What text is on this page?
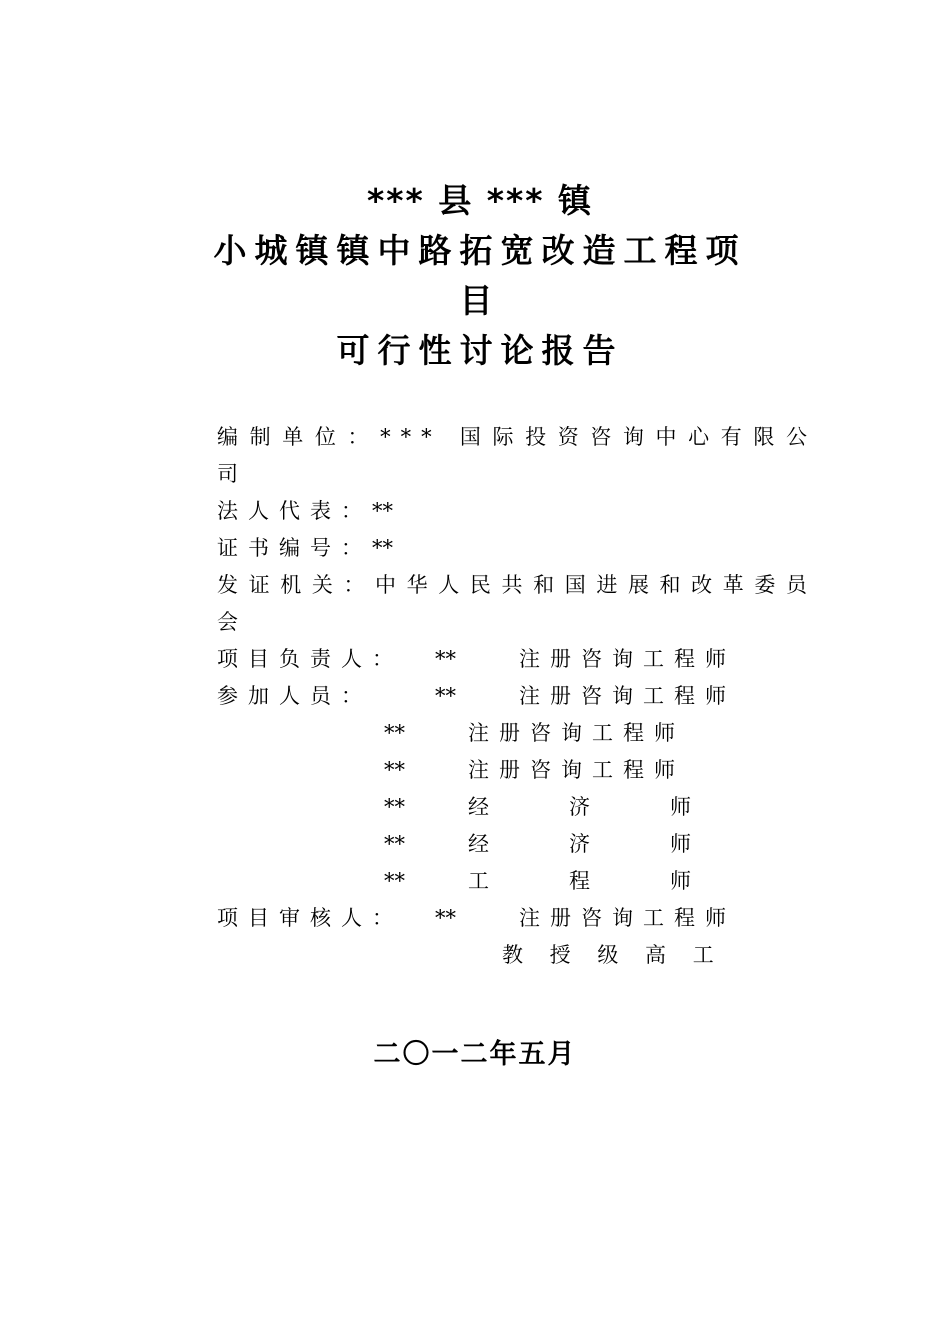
*** 县 *** 镇
小城镇镇中路拓宽改造工程项
目
可行性讨论报告
编制单位：*** 国际投资咨询中心有限公司
法人代表：**
证书编号：**
发证机关：中华人民共和国进展和改革委员会
项目负责人： **	注册咨询工程师
参加人员：	**	注册咨询工程师
**	注册咨询工程师
**	注册咨询工程师
**	经	济	师
**	经	济	师
**	工	程	师
项目审核人： **	注册咨询工程师
教 授 级 高 工
二〇一二年五月
